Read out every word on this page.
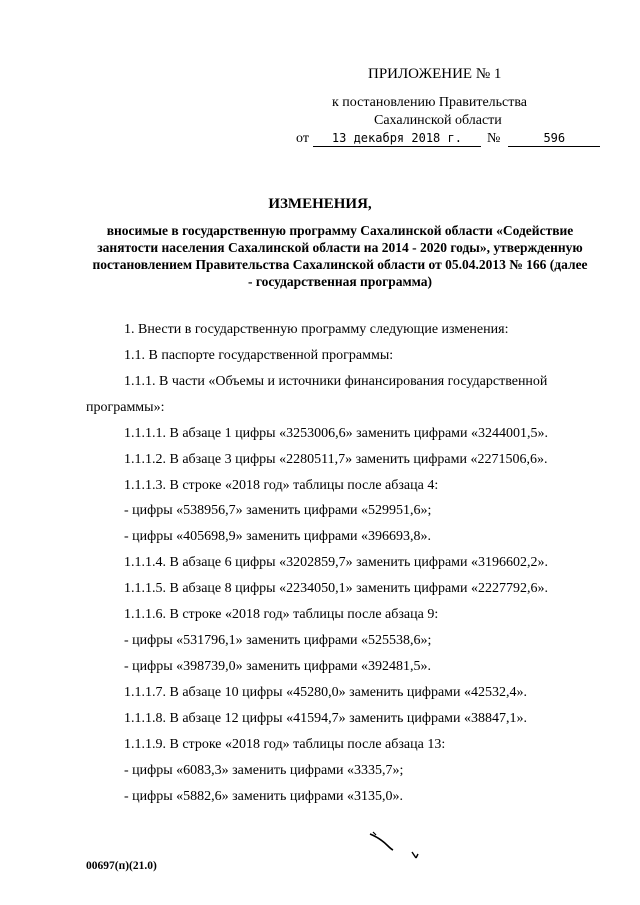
ПРИЛОЖЕНИЕ № 1
к постановлению Правительства
Сахалинской области
от 13 декабря 2018 г. №	596
ИЗМЕНЕНИЯ,
вносимые в государственную программу Сахалинской области «Содействие занятости населения Сахалинской области на 2014 - 2020 годы», утвержденную постановлением Правительства Сахалинской области от 05.04.2013 № 166 (далее - государственная программа)
1. Внести в государственную программу следующие изменения:
1.1. В паспорте государственной программы:
1.1.1. В части «Объемы и источники финансирования государственной
программы»:
1.1.1.1. В абзаце 1 цифры «3253006,6» заменить цифрами «3244001,5».
1.1.1.2. В абзаце 3 цифры «2280511,7» заменить цифрами «2271506,6».
1.1.1.3. В строке «2018 год» таблицы после абзаца 4:
- цифры «538956,7» заменить цифрами «529951,6»;
- цифры «405698,9» заменить цифрами «396693,8».
1.1.1.4. В абзаце 6 цифры «3202859,7» заменить цифрами «3196602,2».
1.1.1.5. В абзаце 8 цифры «2234050,1» заменить цифрами «2227792,6».
1.1.1.6. В строке «2018 год» таблицы после абзаца 9:
- цифры «531796,1» заменить цифрами «525538,6»;
- цифры «398739,0» заменить цифрами «392481,5».
1.1.1.7. В абзаце 10 цифры «45280,0» заменить цифрами «42532,4».
1.1.1.8. В абзаце 12 цифры «41594,7» заменить цифрами «38847,1».
1.1.1.9. В строке «2018 год» таблицы после абзаца 13:
- цифры «6083,3» заменить цифрами «3335,7»;
- цифры «5882,6» заменить цифрами «3135,0».
00697(п)(21.0)
